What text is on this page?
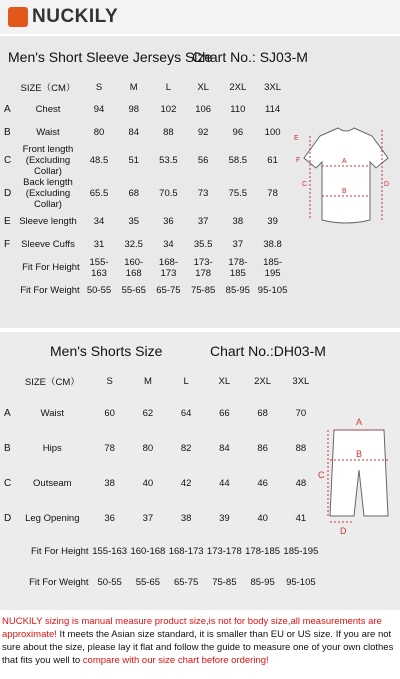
NUCKILY
Men's Short Sleeve Jerseys Size
Chart No.: SJ03-M
	SIZE（CM）	S	M	L	XL	2XL	3XL
A	Chest	94	98	102	106	110	114
B	Waist	80	84	88	92	96	100
C	Front length
(Excluding Collar)	48.5	51	53.5	56	58.5	61
D	Back length
(Excluding Collar)	65.5	68	70.5	73	75.5	78
E	Sleeve length	34	35	36	37	38	39
F	Sleeve Cuffs	31	32.5	34	35.5	37	38.8
	Fit For Height	155-163	160-168	168-173	173-178	178-185	185-195
	Fit For Weight	50-55	55-65	65-75	75-85	85-95	95-105
E
A
B
F
C	D
Men's Shorts Size	Chart No.:DH03-M
	SIZE（CM）	S	M	L	XL	2XL	3XL
A	Waist	60	62	64	66	68	70
B	Hips	78	80	82	84	86	88
C	Outseam	38	40	42	44	46	48
D	Leg Opening	36	37	38	39	40	41
	Fit For Height	155-163	160-168	168-173	173-178	178-185	185-195
	Fit For Weight	50-55	55-65	65-75	75-85	85-95	95-105
A
B
C
D
NUCKILY sizing is manual measure product size,is not for body size,all measurements are approximate! It meets the Asian size standard, it is smaller than EU or US size. If you are not sure about the size, please lay it flat and follow the guide to measure one of your own clothes that fits you well to compare with our size chart before ordering!
